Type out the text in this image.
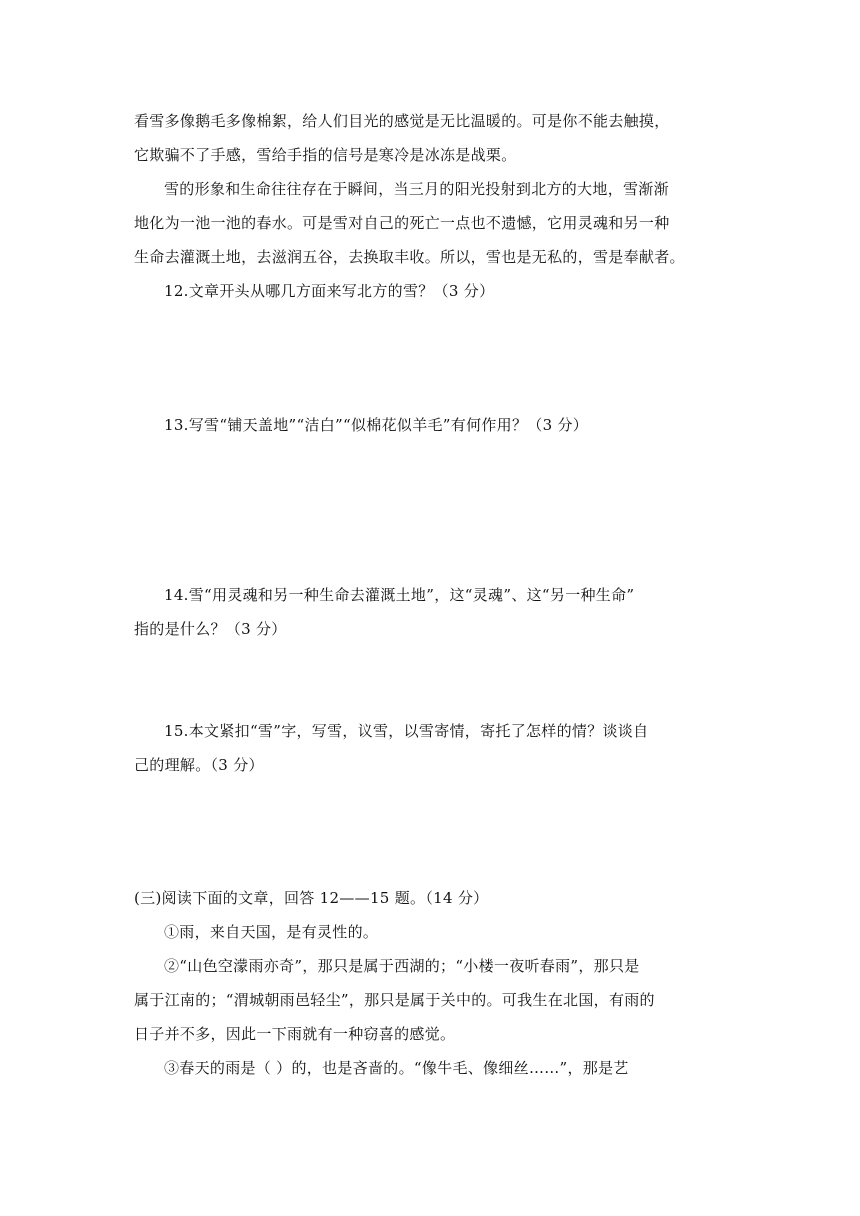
看雪多像鹅毛多像棉絮，给人们目光的感觉是无比温暖的。可是你不能去触摸，
它欺骗不了手感，雪给手指的信号是寒冷是冰冻是战栗。
雪的形象和生命往往存在于瞬间，当三月的阳光投射到北方的大地，雪渐渐
地化为一池一池的春水。可是雪对自己的死亡一点也不遗憾，它用灵魂和另一种
生命去灌溉土地，去滋润五谷，去换取丰收。所以，雪也是无私的，雪是奉献者。
12.文章开头从哪几方面来写北方的雪？（3 分）
13.写雪“铺天盖地”“洁白”“似棉花似羊毛”有何作用？（3 分）
14.雪“用灵魂和另一种生命去灌溉土地”，这“灵魂”、这“另一种生命”
指的是什么？（3 分）
15.本文紧扣“雪”字，写雪，议雪，以雪寄情，寄托了怎样的情？谈谈自
己的理解。（3 分）
(三)阅读下面的文章，回答 12——15 题。（14 分）
①雨，来自天国，是有灵性的。
②“山色空濛雨亦奇”，那只是属于西湖的；“小楼一夜听春雨”，那只是
属于江南的；“渭城朝雨邑轻尘”，那只是属于关中的。可我生在北国，有雨的
日子并不多，因此一下雨就有一种窃喜的感觉。
③春天的雨是（ ）的，也是吝啬的。“像牛毛、像细丝……”，那是艺
